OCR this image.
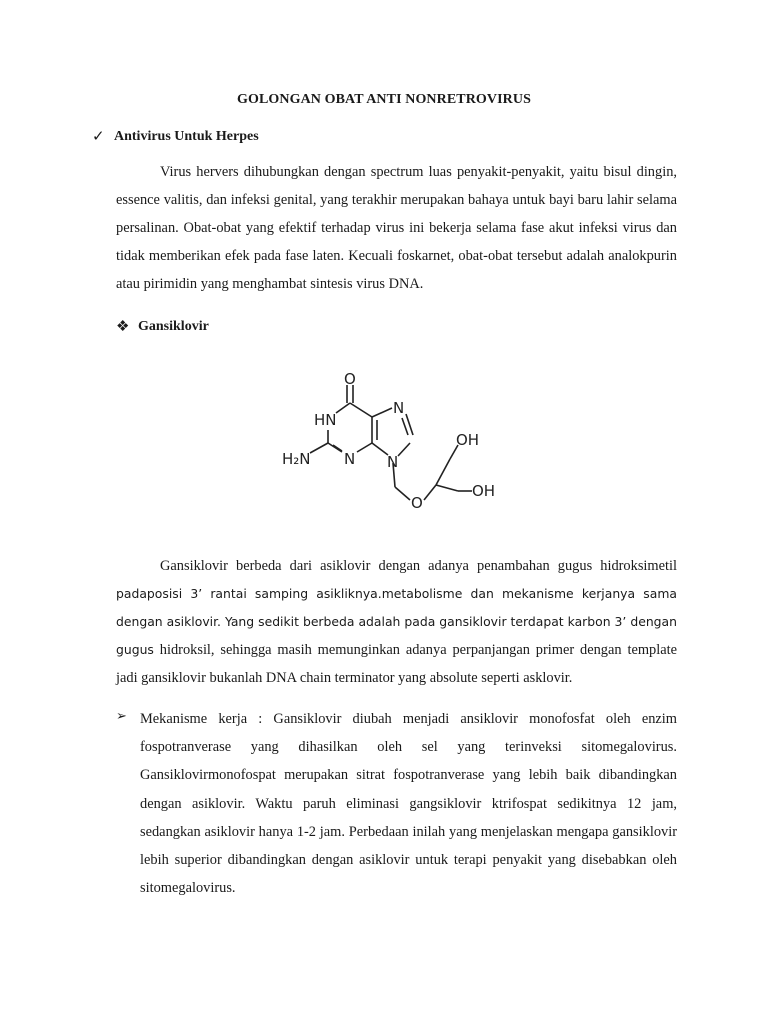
GOLONGAN OBAT ANTI NONRETROVIRUS
✓ Antivirus Untuk Herpes

Virus hervers dihubungkan dengan spectrum luas penyakit-penyakit, yaitu bisul dingin, essence valitis, dan infeksi genital, yang terakhir merupakan bahaya untuk bayi baru lahir selama persalinan. Obat-obat yang efektif terhadap virus ini bekerja selama fase akut infeksi virus dan tidak memberikan efek pada fase laten. Kecuali foskarnet, obat-obat tersebut adalah analokpurin atau pirimidin yang menghambat sintesis virus DNA.

❖ Gansiklovir
O
HN
H₂N N
N
N
OH
O
OH

Gansiklovir berbeda dari asiklovir dengan adanya penambahan gugus hidroksimetil padaposisi 3’ rantai samping asikliknya.metabolisme dan mekanisme kerjanya sama dengan asiklovir. Yang sedikit berbeda adalah pada gansiklovir terdapat karbon 3’ dengan gugus hidroksil, sehingga masih memunginkan adanya perpanjangan primer dengan template jadi gansiklovir bukanlah DNA chain terminator yang absolute seperti asklovir.

➢ Mekanisme kerja : Gansiklovir diubah menjadi ansiklovir monofosfat oleh enzim fospotranverase yang dihasilkan oleh sel yang terinveksi sitomegalovirus. Gansiklovirmonofospat merupakan sitrat fospotranverase yang lebih baik dibandingkan dengan asiklovir. Waktu paruh eliminasi gangsiklovir ktrifospat sedikitnya 12 jam, sedangkan asiklovir hanya 1-2 jam. Perbedaan inilah yang menjelaskan mengapa gansiklovir lebih superior dibandingkan dengan asiklovir untuk terapi penyakit yang disebabkan oleh sitomegalovirus.
